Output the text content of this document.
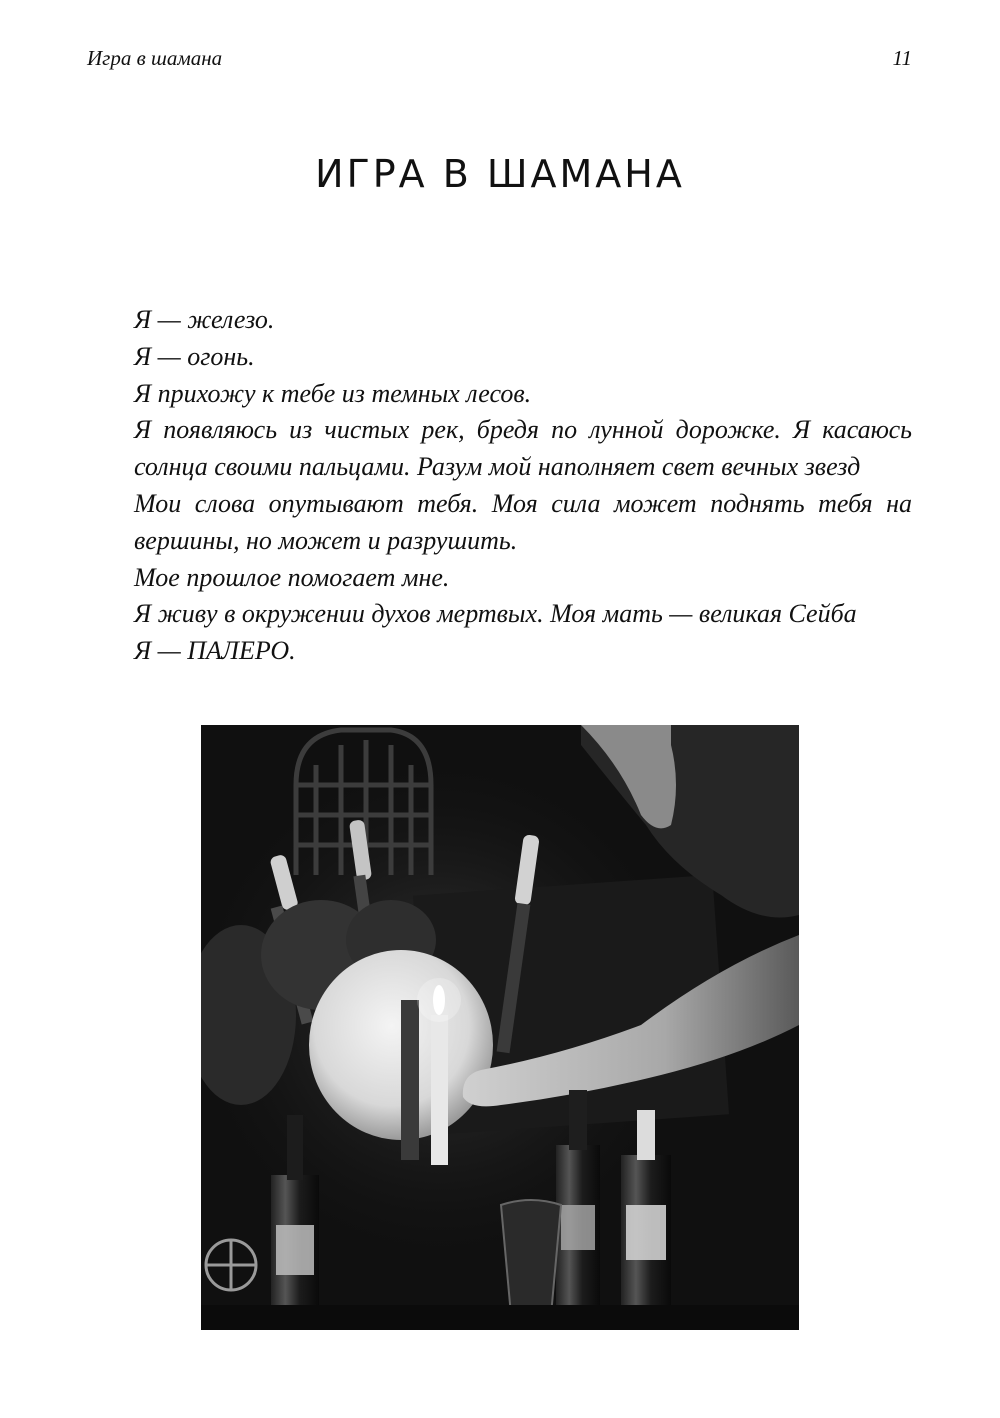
Игра в шамана	11
ИГРА В ШАМАНА
Я — железо.
Я — огонь.
Я прихожу к тебе из темных лесов.
Я появляюсь из чистых рек, бредя по лунной дорожке. Я касаюсь солнца своими пальцами. Разум мой наполняет свет вечных звезд
Мои слова опутывают тебя. Моя сила может поднять тебя на вершины, но может и разрушить.
Мое прошлое помогает мне.
Я живу в окружении духов мертвых. Моя мать — великая Сейба
Я — ПАЛЕРО.
